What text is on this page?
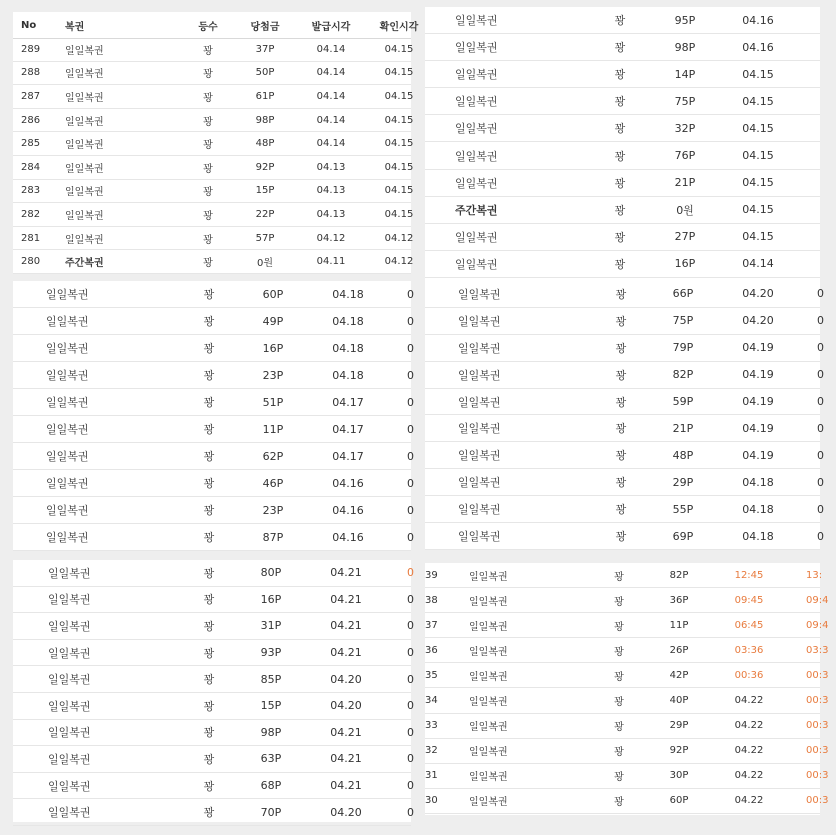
No	복권	등수	당첨금	발급시각	확인시각
289	일일복권	꽝	37P	04.14	04.15
288	일일복권	꽝	50P	04.14	04.15
287	일일복권	꽝	61P	04.14	04.15
286	일일복권	꽝	98P	04.14	04.15
285	일일복권	꽝	48P	04.14	04.15
284	일일복권	꽝	92P	04.13	04.15
283	일일복권	꽝	15P	04.13	04.15
282	일일복권	꽝	22P	04.13	04.15
281	일일복권	꽝	57P	04.12	04.12
280	주간복권	꽝	0원	04.11	04.12
일일복권	꽝	95P	04.16
일일복권	꽝	98P	04.16
일일복권	꽝	14P	04.15
일일복권	꽝	75P	04.15
일일복권	꽝	32P	04.15
일일복권	꽝	76P	04.15
일일복권	꽝	21P	04.15
주간복권	꽝	0원	04.15
일일복권	꽝	27P	04.15
일일복권	꽝	16P	04.14
일일복권	꽝	60P	04.18	0
일일복권	꽝	49P	04.18	0
일일복권	꽝	16P	04.18	0
일일복권	꽝	23P	04.18	0
일일복권	꽝	51P	04.17	0
일일복권	꽝	11P	04.17	0
일일복권	꽝	62P	04.17	0
일일복권	꽝	46P	04.16	0
일일복권	꽝	23P	04.16	0
일일복권	꽝	87P	04.16	0
일일복권	꽝	66P	04.20	0
일일복권	꽝	75P	04.20	0
일일복권	꽝	79P	04.19	0
일일복권	꽝	82P	04.19	0
일일복권	꽝	59P	04.19	0
일일복권	꽝	21P	04.19	0
일일복권	꽝	48P	04.19	0
일일복권	꽝	29P	04.18	0
일일복권	꽝	55P	04.18	0
일일복권	꽝	69P	04.18	0
일일복권	꽝	80P	04.21	0
일일복권	꽝	16P	04.21	0
일일복권	꽝	31P	04.21	0
일일복권	꽝	93P	04.21	0
일일복권	꽝	85P	04.20	0
일일복권	꽝	15P	04.20	0
일일복권	꽝	98P	04.21	0
일일복권	꽝	63P	04.21	0
일일복권	꽝	68P	04.21	0
일일복권	꽝	70P	04.20	0
39	일일복권	꽝	82P	12:45	13:
38	일일복권	꽝	36P	09:45	09:4
37	일일복권	꽝	11P	06:45	09:4
36	일일복권	꽝	26P	03:36	03:3
35	일일복권	꽝	42P	00:36	00:3
34	일일복권	꽝	40P	04.22	00:3
33	일일복권	꽝	29P	04.22	00:3
32	일일복권	꽝	92P	04.22	00:3
31	일일복권	꽝	30P	04.22	00:3
30	일일복권	꽝	60P	04.22	00:3
